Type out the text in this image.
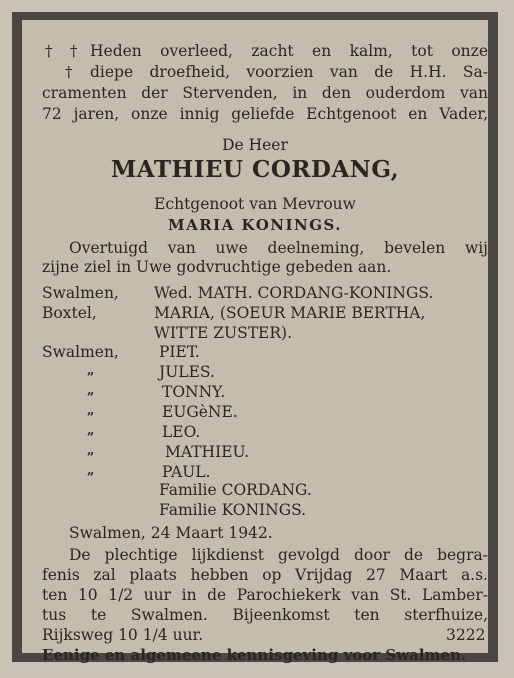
† †
†
Heden overleed, zacht en kalm, tot onze
diepe droefheid, voorzien van de H.H. Sa-
cramenten der Stervenden, in den ouderdom van
72 jaren, onze innig geliefde Echtgenoot en Vader,
De Heer
MATHIEU CORDANG,
Echtgenoot van Mevrouw
MARIA KONINGS.
Overtuigd van uwe deelneming, bevelen wij
zijne ziel in Uwe godvruchtige gebeden aan.
Swalmen, Wed. MATH. CORDANG-KONINGS.
Boxtel,	MARIA, (SOEUR MARIE BERTHA,
WITTE ZUSTER).
Swalmen,	PIET.
„	JULES.
„	TONNY.
„	EUGèNE.
„	LEO.
„	MATHIEU.
„	PAUL.
Familie CORDANG.
Familie KONINGS.
Swalmen, 24 Maart 1942.
De plechtige lijkdienst gevolgd door de begra-
fenis zal plaats hebben op Vrijdag 27 Maart a.s.
ten 10 1/2 uur in de Parochiekerk van St. Lamber-
tus te Swalmen. Bijeenkomst ten sterfhuize,
Rijksweg 10 1/4 uur.	3222
Eenige en algemeene kennisgeving voor Swalmen.
